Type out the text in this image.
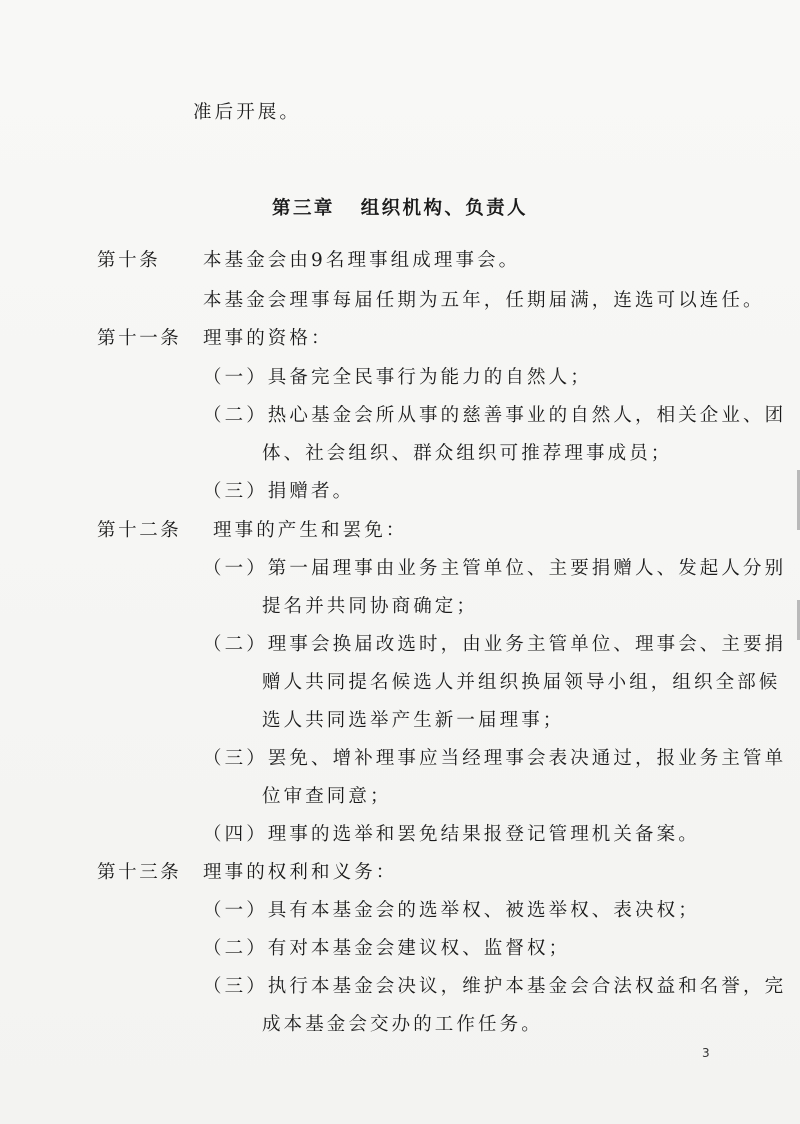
准后开展。
第三章 组织机构、负责人
第十条 本基金会由9名理事组成理事会。
本基金会理事每届任期为五年，任期届满，连选可以连任。
第十一条 理事的资格：
（一）具备完全民事行为能力的自然人；
（二）热心基金会所从事的慈善事业的自然人，相关企业、团
体、社会组织、群众组织可推荐理事成员；
（三）捐赠者。
第十二条 理事的产生和罢免：
（一）第一届理事由业务主管单位、主要捐赠人、发起人分别
提名并共同协商确定；
（二）理事会换届改选时，由业务主管单位、理事会、主要捐
赠人共同提名候选人并组织换届领导小组，组织全部候
选人共同选举产生新一届理事；
（三）罢免、增补理事应当经理事会表决通过，报业务主管单
位审查同意；
（四）理事的选举和罢免结果报登记管理机关备案。
第十三条 理事的权利和义务：
（一）具有本基金会的选举权、被选举权、表决权；
（二）有对本基金会建议权、监督权；
（三）执行本基金会决议，维护本基金会合法权益和名誉，完
成本基金会交办的工作任务。
3
